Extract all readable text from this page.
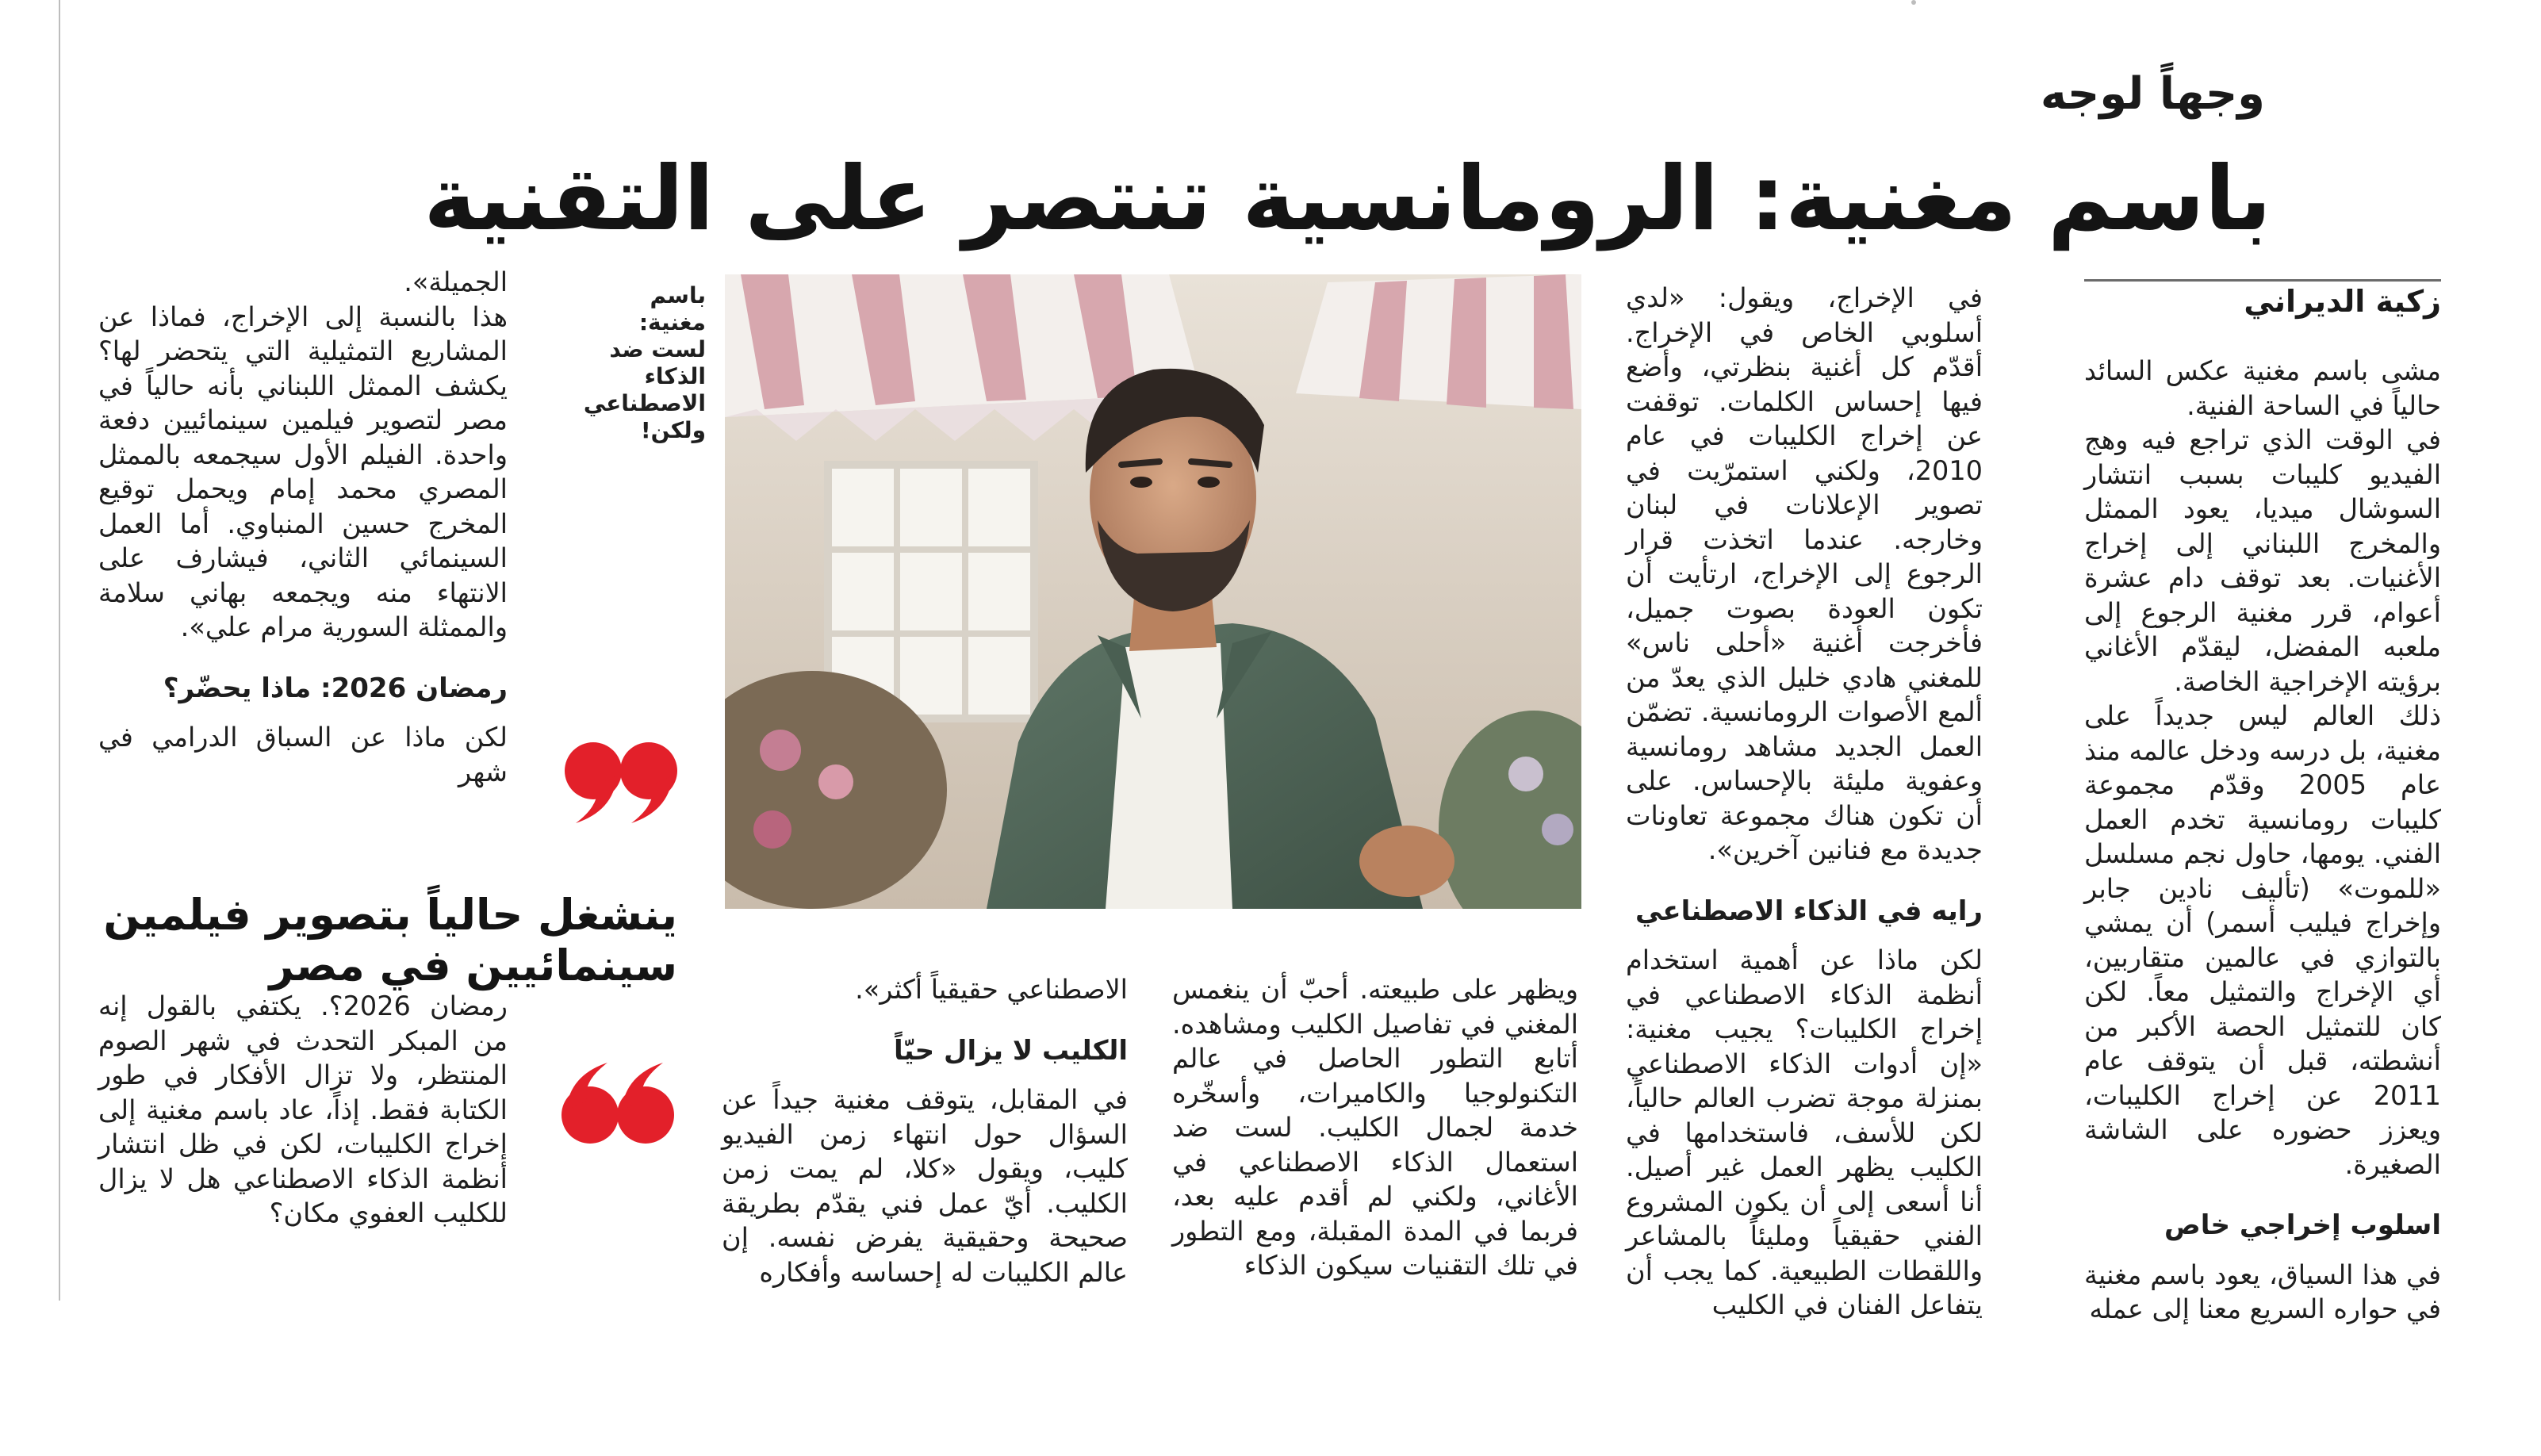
وجهاً لوجه
باسم مغنية: الرومانسية تنتصر على التقنية
زكية الديراني

مشى باسم مغنية عكس السائد حالياً في الساحة الفنية.

في الوقت الذي تراجع فيه وهج الفيديو كليبات بسبب انتشار السوشال ميديا، يعود الممثل والمخرج اللبناني إلى إخراج الأغنيات. بعد توقف دام عشرة أعوام، قرر مغنية الرجوع إلى ملعبه المفضل، ليقدّم الأغاني برؤيته الإخراجية الخاصة.

ذلك العالم ليس جديداً على مغنية، بل درسه ودخل عالمه منذ عام 2005 وقدّم مجموعة كليبات رومانسية تخدم العمل الفني. يومها، حاول نجم مسلسل «للموت» (تأليف نادين جابر وإخراج فيليب أسمر) أن يمشي بالتوازي في عالمين متقاربين، أي الإخراج والتمثيل معاً. لكن كان للتمثيل الحصة الأكبر من أنشطته، قبل أن يتوقف عام 2011 عن إخراج الكليبات، ويعزز حضوره على الشاشة الصغيرة.

اسلوب إخراجي خاص

في هذا السياق، يعود باسم مغنية في حواره السريع معنا إلى عمله

في الإخراج، ويقول: «لدي أسلوبي الخاص في الإخراج. أقدّم كل أغنية بنظرتي، وأضع فيها إحساس الكلمات. توقفت عن إخراج الكليبات في عام 2010، ولكني استمرّيت في تصوير الإعلانات في لبنان وخارجه. عندما اتخذت قرار الرجوع إلى الإخراج، ارتأيت أن تكون العودة بصوت جميل، فأخرجت أغنية «أحلى ناس» للمغني هادي خليل الذي يعدّ من ألمع الأصوات الرومانسية. تضمّن العمل الجديد مشاهد رومانسية وعفوية مليئة بالإحساس. على أن تكون هناك مجموعة تعاونات جديدة مع فنانين آخرين».

رايه في الذكاء الاصطناعي

لكن ماذا عن أهمية استخدام أنظمة الذكاء الاصطناعي في إخراج الكليبات؟ يجيب مغنية: «إن أدوات الذكاء الاصطناعي بمنزلة موجة تضرب العالم حالياً، لكن للأسف، فاستخدامها في الكليب يظهر العمل غير أصيل. أنا أسعى إلى أن يكون المشروع الفني حقيقياً ومليئاً بالمشاعر واللقطات الطبيعية. كما يجب أن يتفاعل الفنان في الكليب

باسم مغنية: لست ضد الذكاء الاصطناعي ولكن!

ويظهر على طبيعته. أحبّ أن ينغمس المغني في تفاصيل الكليب ومشاهده. أتابع التطور الحاصل في عالم التكنولوجيا والكاميرات، وأسخّره خدمة لجمال الكليب. لست ضد استعمال الذكاء الاصطناعي في الأغاني، ولكني لم أقدم عليه بعد، فربما في المدة المقبلة، ومع التطور في تلك التقنيات سيكون الذكاء

الاصطناعي حقيقياً أكثر».

الكليب لا يزال حيّاً

في المقابل، يتوقف مغنية جيداً عن السؤال حول انتهاء زمن الفيديو كليب، ويقول «كلا، لم يمت زمن الكليب. أيّ عمل فني يقدّم بطريقة صحيحة وحقيقية يفرض نفسه. إن عالم الكليبات له إحساسه وأفكاره

ينشغل حالياً بتصوير فيلمين سينمائيين في مصر

الجميلة».
هذا بالنسبة إلى الإخراج، فماذا عن المشاريع التمثيلية التي يتحضر لها؟ يكشف الممثل اللبناني بأنه حالياً في مصر لتصوير فيلمين سينمائيين دفعة واحدة. الفيلم الأول سيجمعه بالممثل المصري محمد إمام ويحمل توقيع المخرج حسين المنباوي. أما العمل السينمائي الثاني، فيشارف على الانتهاء منه ويجمعه بهاني سلامة والممثلة السورية مرام علي».

رمضان 2026: ماذا يحضّر؟

لكن ماذا عن السباق الدرامي في شهر

رمضان 2026؟. يكتفي بالقول إنه من المبكر التحدث في شهر الصوم المنتظر، ولا تزال الأفكار في طور الكتابة فقط. إذاً، عاد باسم مغنية إلى إخراج الكليبات، لكن في ظل انتشار أنظمة الذكاء الاصطناعي هل لا يزال للكليب العفوي مكان؟
